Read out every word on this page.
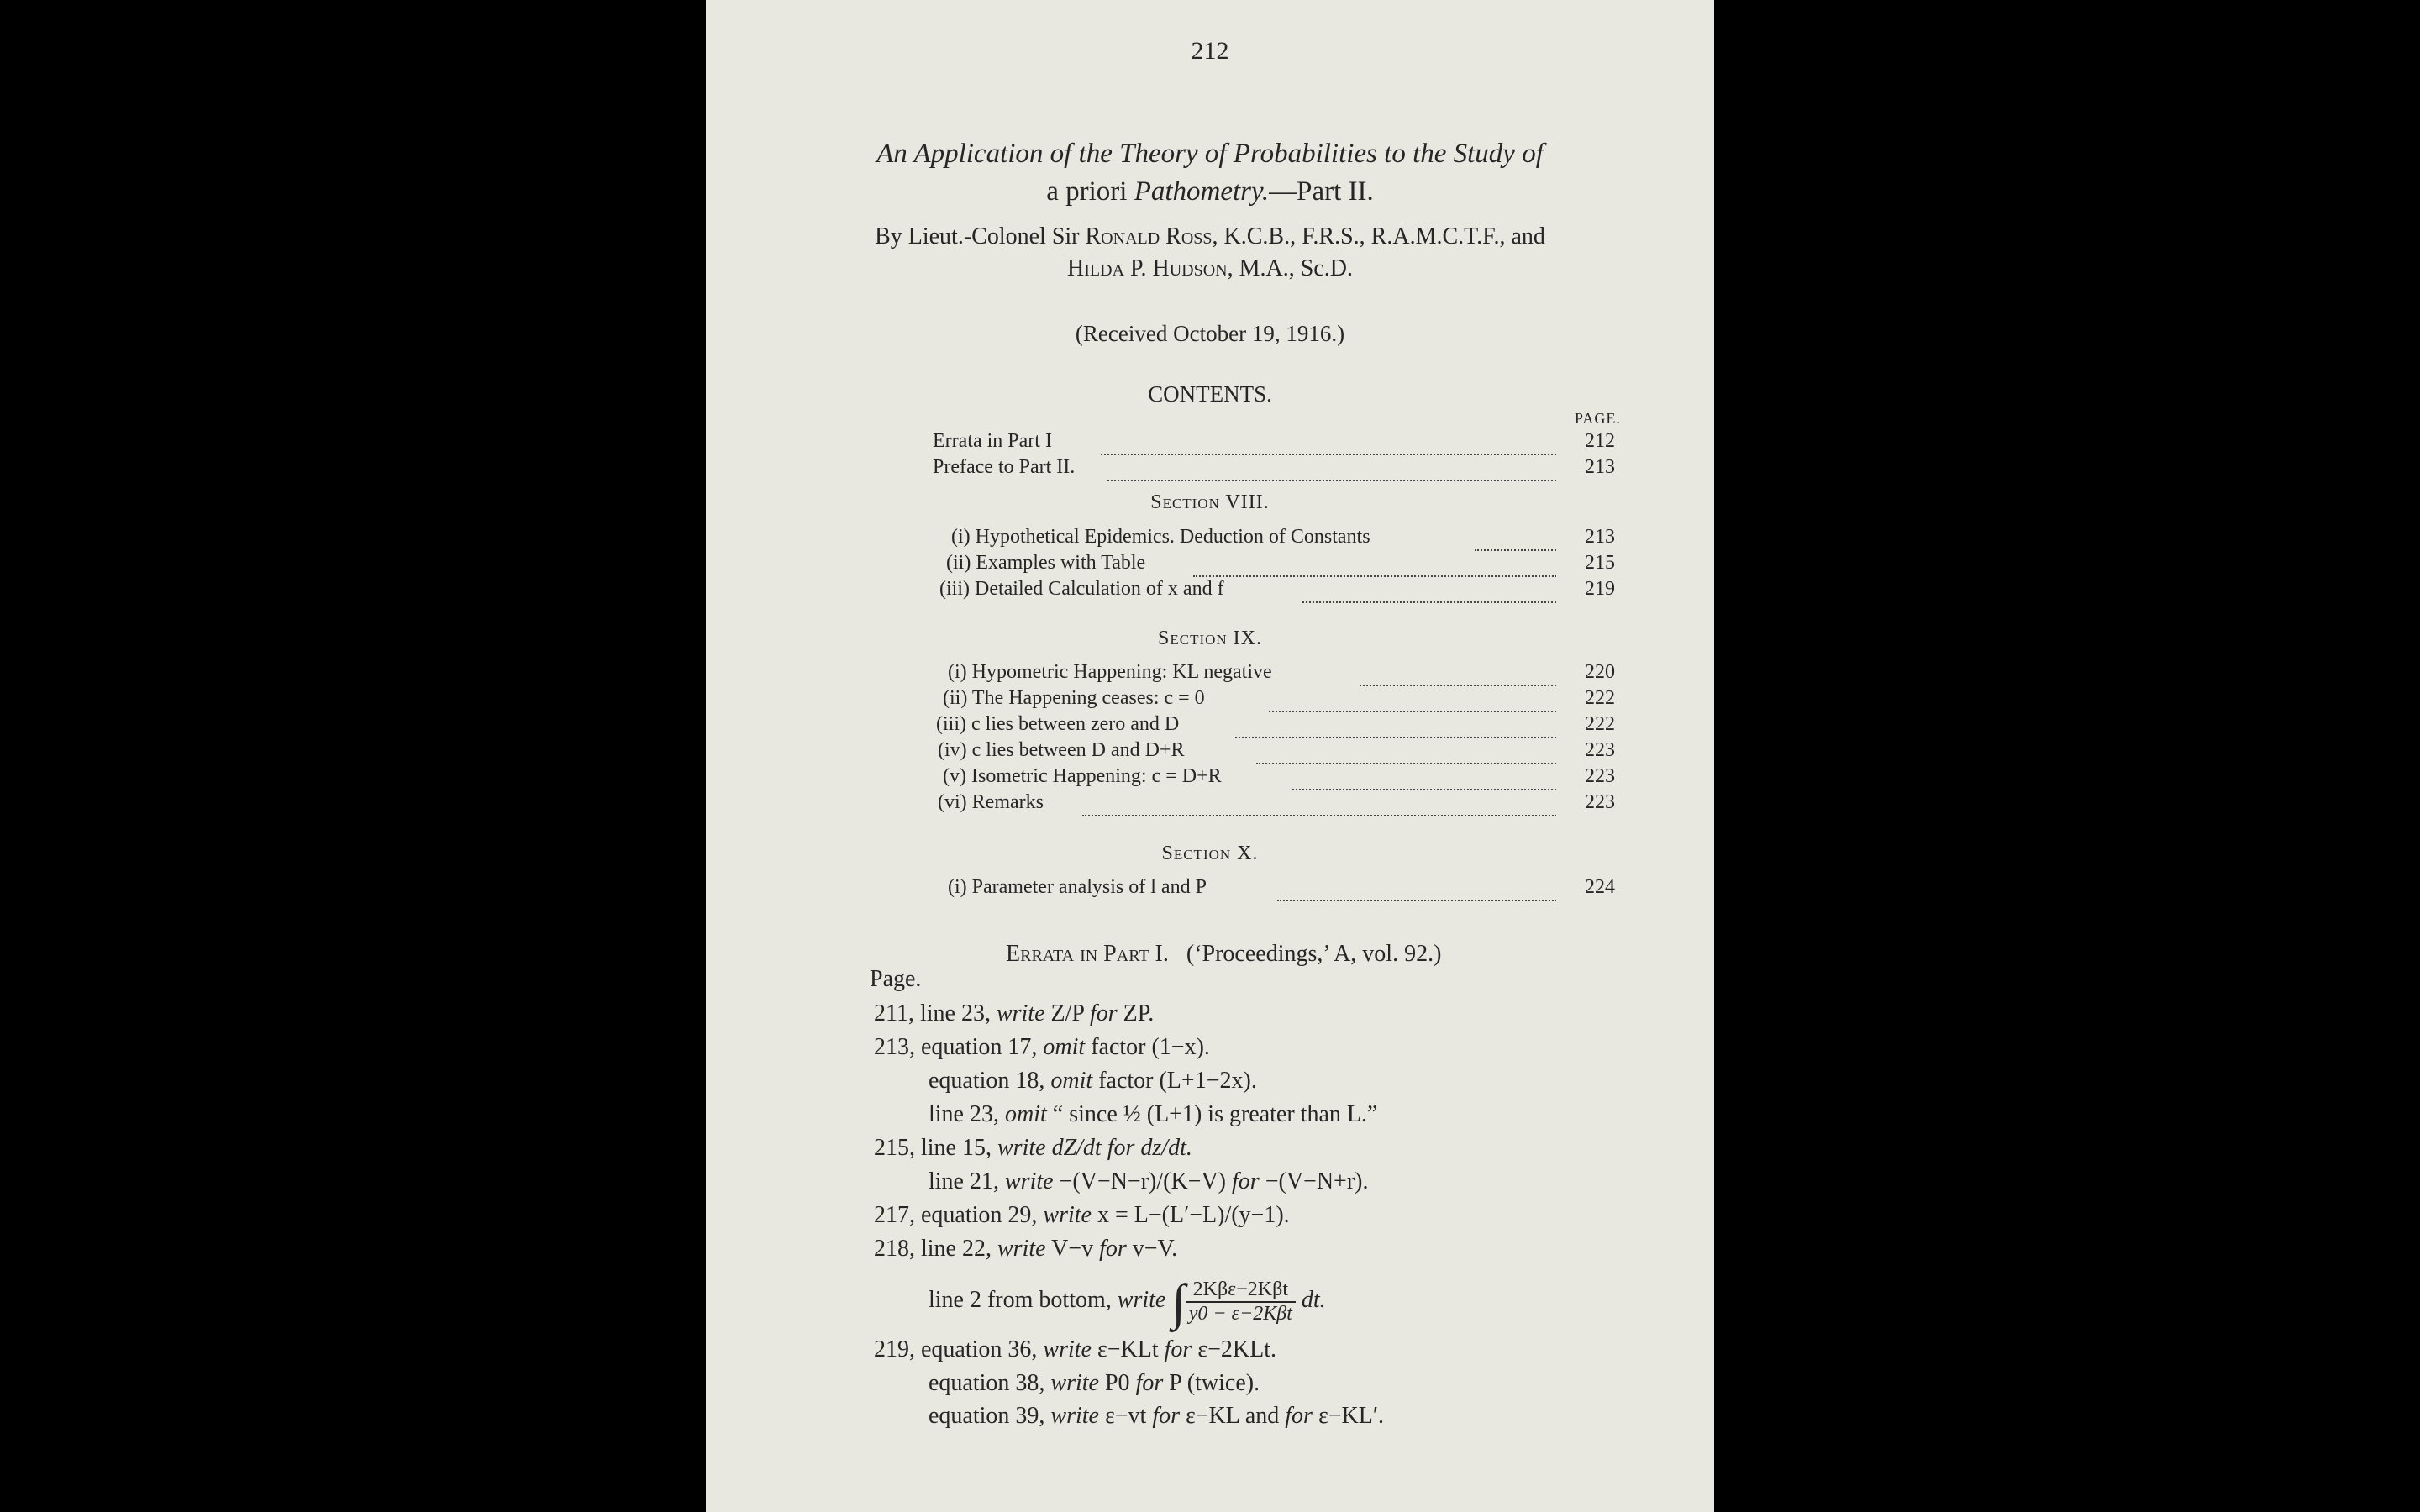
212
An Application of the Theory of Probabilities to the Study of
a priori Pathometry.—Part II.
By Lieut.-Colonel Sir Ronald Ross, K.C.B., F.R.S., R.A.M.C.T.F., and
Hilda P. Hudson, M.A., Sc.D.
(Received October 19, 1916.)
CONTENTS.
PAGE.
Errata in Part I	212
Preface to Part II.	213
Section VIII.
(i) Hypothetical Epidemics. Deduction of Constants	213
(ii) Examples with Table	215
(iii) Detailed Calculation of x and f	219
Section IX.
(i) Hypometric Happening: KL negative	220
(ii) The Happening ceases: c = 0	222
(iii) c lies between zero and D	222
(iv) c lies between D and D+R	223
(v) Isometric Happening: c = D+R	223
(vi) Remarks	223
Section X.
(i) Parameter analysis of l and P	224
Errata in Part I. (‘Proceedings,’ A, vol. 92.)
Page.
211, line 23, write Z/P for ZP.
213, equation 17, omit factor (1−x).
equation 18, omit factor (L+1−2x).
line 23, omit “ since ½ (L+1) is greater than L.”
215, line 15, write dZ/dt for dz/dt.
line 21, write −(V−N−r)/(K−V) for −(V−N+r).
217, equation 29, write x = L−(L′−L)/(y−1).
218, line 22, write V−v for v−V.
line 2 from bottom, write ∫ $\frac{\text{2Kβε−2Kβt}}{\text{y0 − ε−2Kβt}}$ dt.
219, equation 36, write ε−KLt for ε−2KLt.
equation 38, write P0 for P (twice).
equation 39, write ε−vt for ε−KL and for ε−KL′.
